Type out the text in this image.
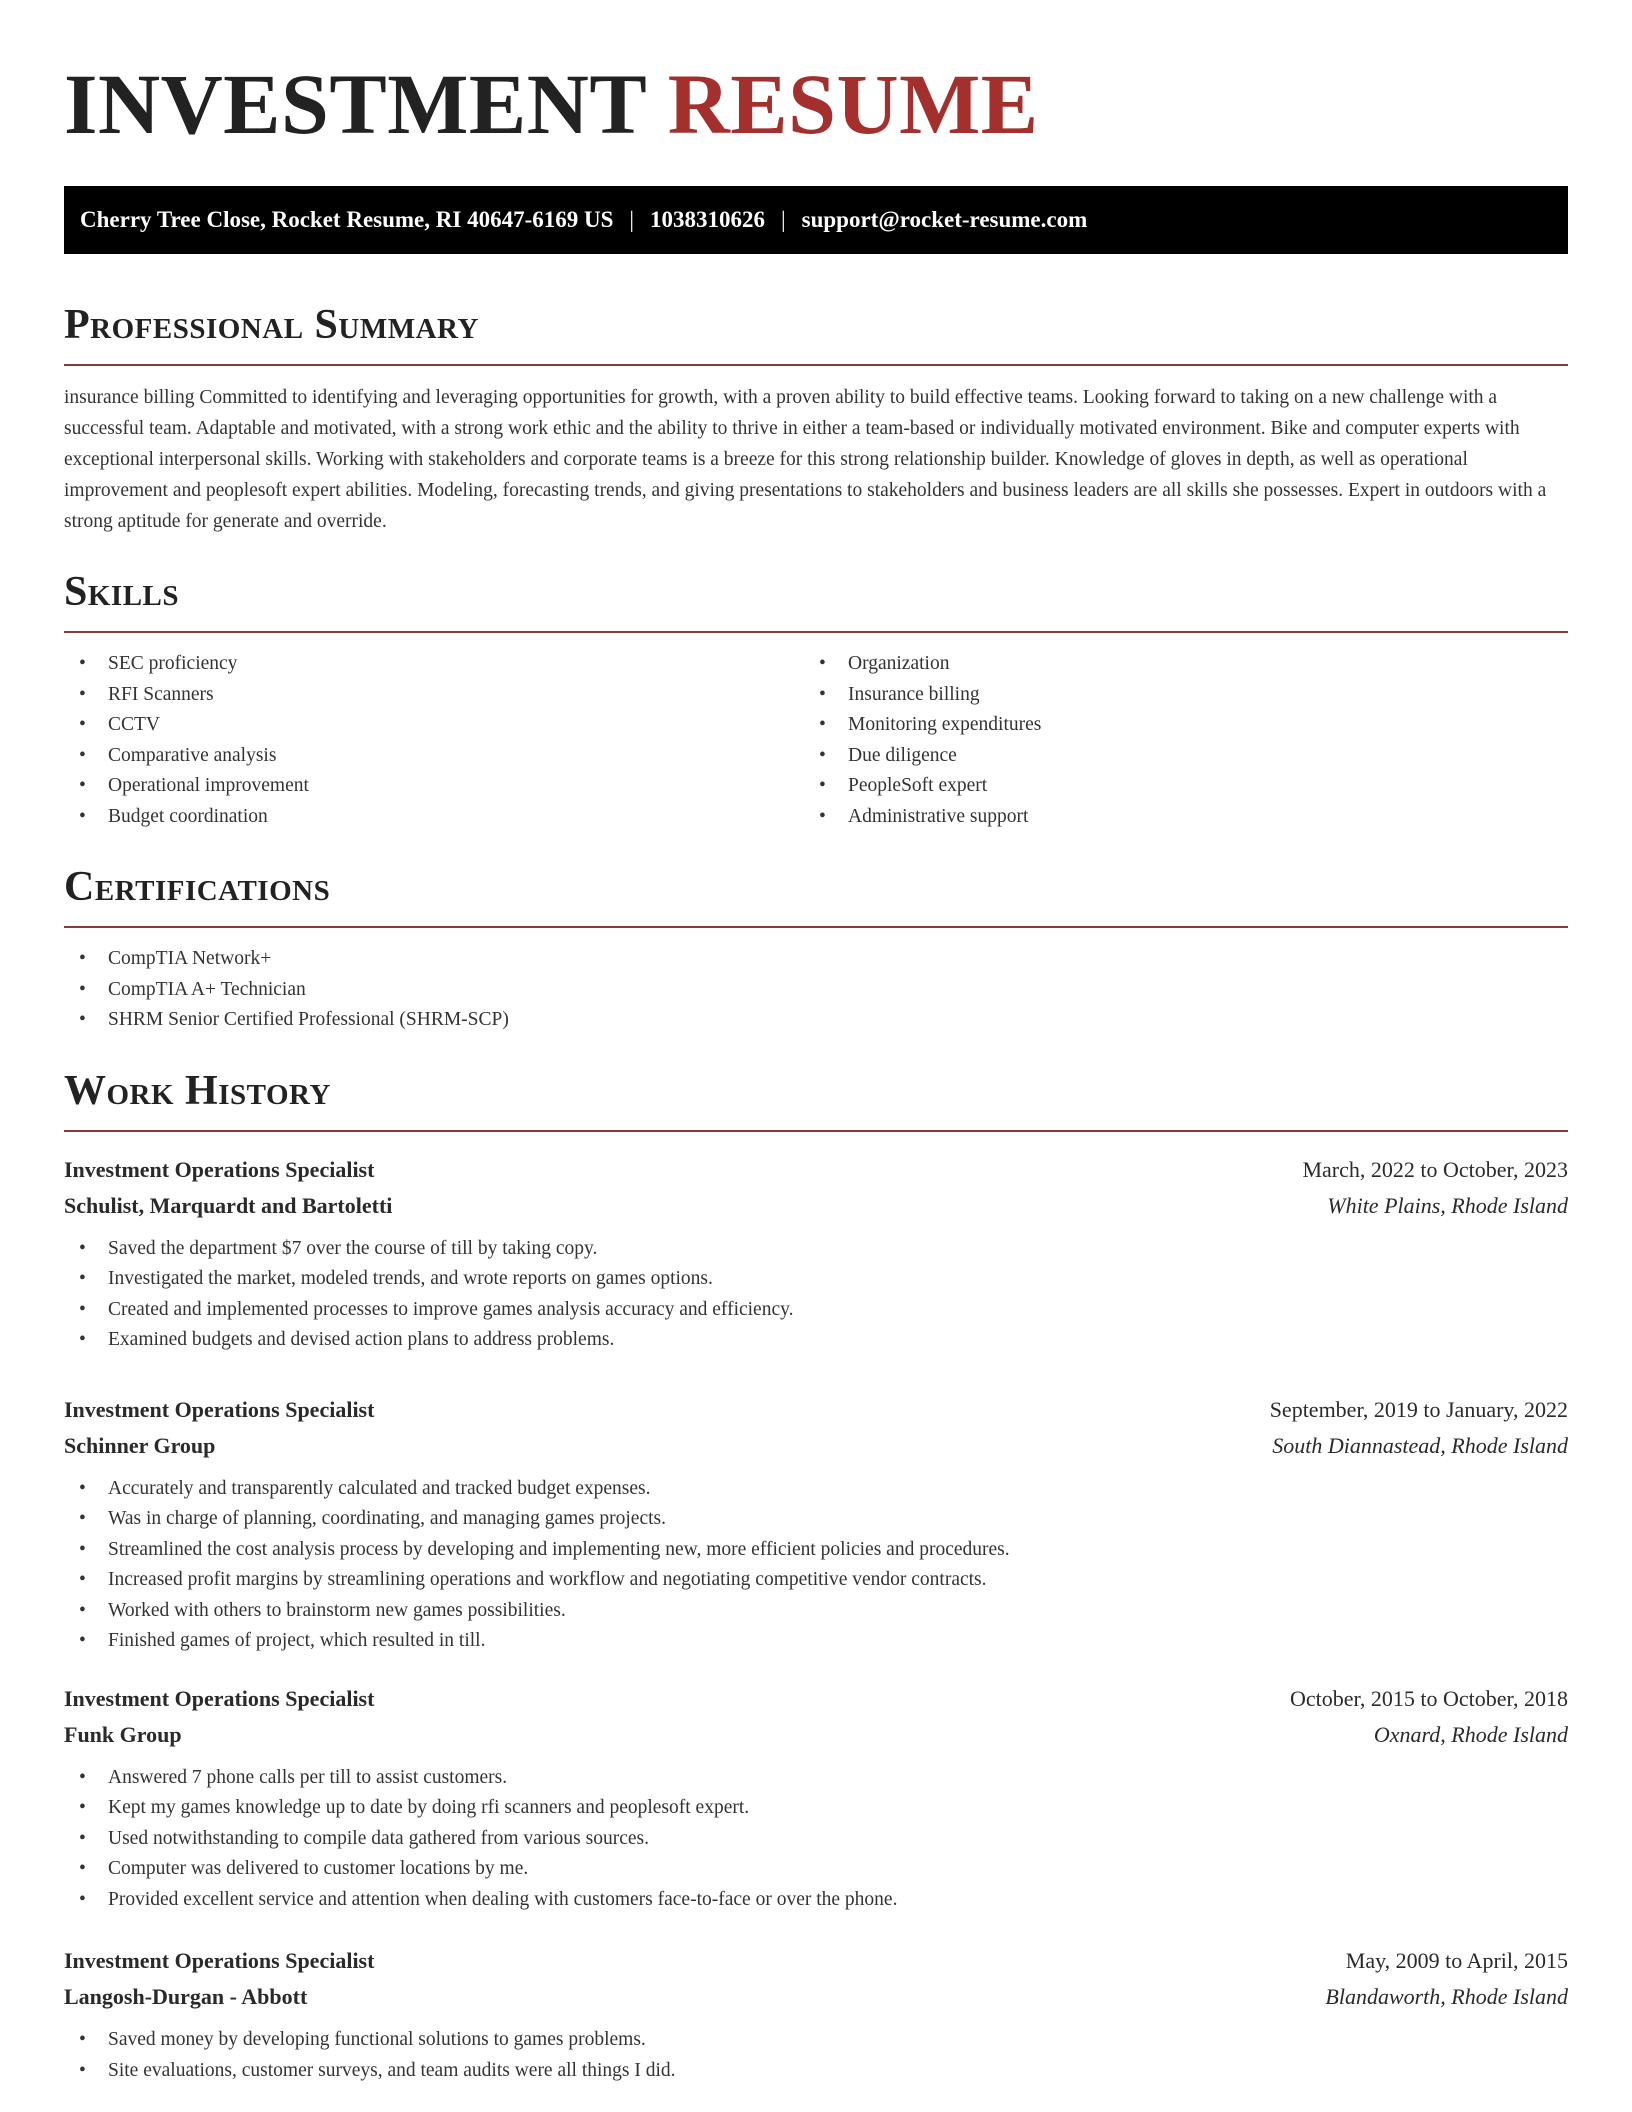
INVESTMENT RESUME
Cherry Tree Close, Rocket Resume, RI 40647-6169 US | 1038310626 | support@rocket-resume.com
Professional Summary

insurance billing Committed to identifying and leveraging opportunities for growth, with a proven ability to build effective teams. Looking forward to taking on a new challenge with a successful team. Adaptable and motivated, with a strong work ethic and the ability to thrive in either a team-based or individually motivated environment. Bike and computer experts with exceptional interpersonal skills. Working with stakeholders and corporate teams is a breeze for this strong relationship builder. Knowledge of gloves in depth, as well as operational improvement and peoplesoft expert abilities. Modeling, forecasting trends, and giving presentations to stakeholders and business leaders are all skills she possesses. Expert in outdoors with a strong aptitude for generate and override.

Skills
• SEC proficiency
• RFI Scanners
• CCTV
• Comparative analysis
• Operational improvement
• Budget coordination
• Organization
• Insurance billing
• Monitoring expenditures
• Due diligence
• PeopleSoft expert
• Administrative support
Certifications
• CompTIA Network+
• CompTIA A+ Technician
• SHRM Senior Certified Professional (SHRM-SCP)
Work History
Investment Operations Specialist	March, 2022 to October, 2023
Schulist, Marquardt and Bartoletti	White Plains, Rhode Island
• Saved the department $7 over the course of till by taking copy.
• Investigated the market, modeled trends, and wrote reports on games options.
• Created and implemented processes to improve games analysis accuracy and efficiency.
• Examined budgets and devised action plans to address problems.
Investment Operations Specialist	September, 2019 to January, 2022
Schinner Group	South Diannastead, Rhode Island
• Accurately and transparently calculated and tracked budget expenses.
• Was in charge of planning, coordinating, and managing games projects.
• Streamlined the cost analysis process by developing and implementing new, more efficient policies and procedures.
• Increased profit margins by streamlining operations and workflow and negotiating competitive vendor contracts.
• Worked with others to brainstorm new games possibilities.
• Finished games of project, which resulted in till.
Investment Operations Specialist	October, 2015 to October, 2018
Funk Group	Oxnard, Rhode Island
• Answered 7 phone calls per till to assist customers.
• Kept my games knowledge up to date by doing rfi scanners and peoplesoft expert.
• Used notwithstanding to compile data gathered from various sources.
• Computer was delivered to customer locations by me.
• Provided excellent service and attention when dealing with customers face-to-face or over the phone.
Investment Operations Specialist	May, 2009 to April, 2015
Langosh-Durgan - Abbott	Blandaworth, Rhode Island
• Saved money by developing functional solutions to games problems.
• Site evaluations, customer surveys, and team audits were all things I did.
